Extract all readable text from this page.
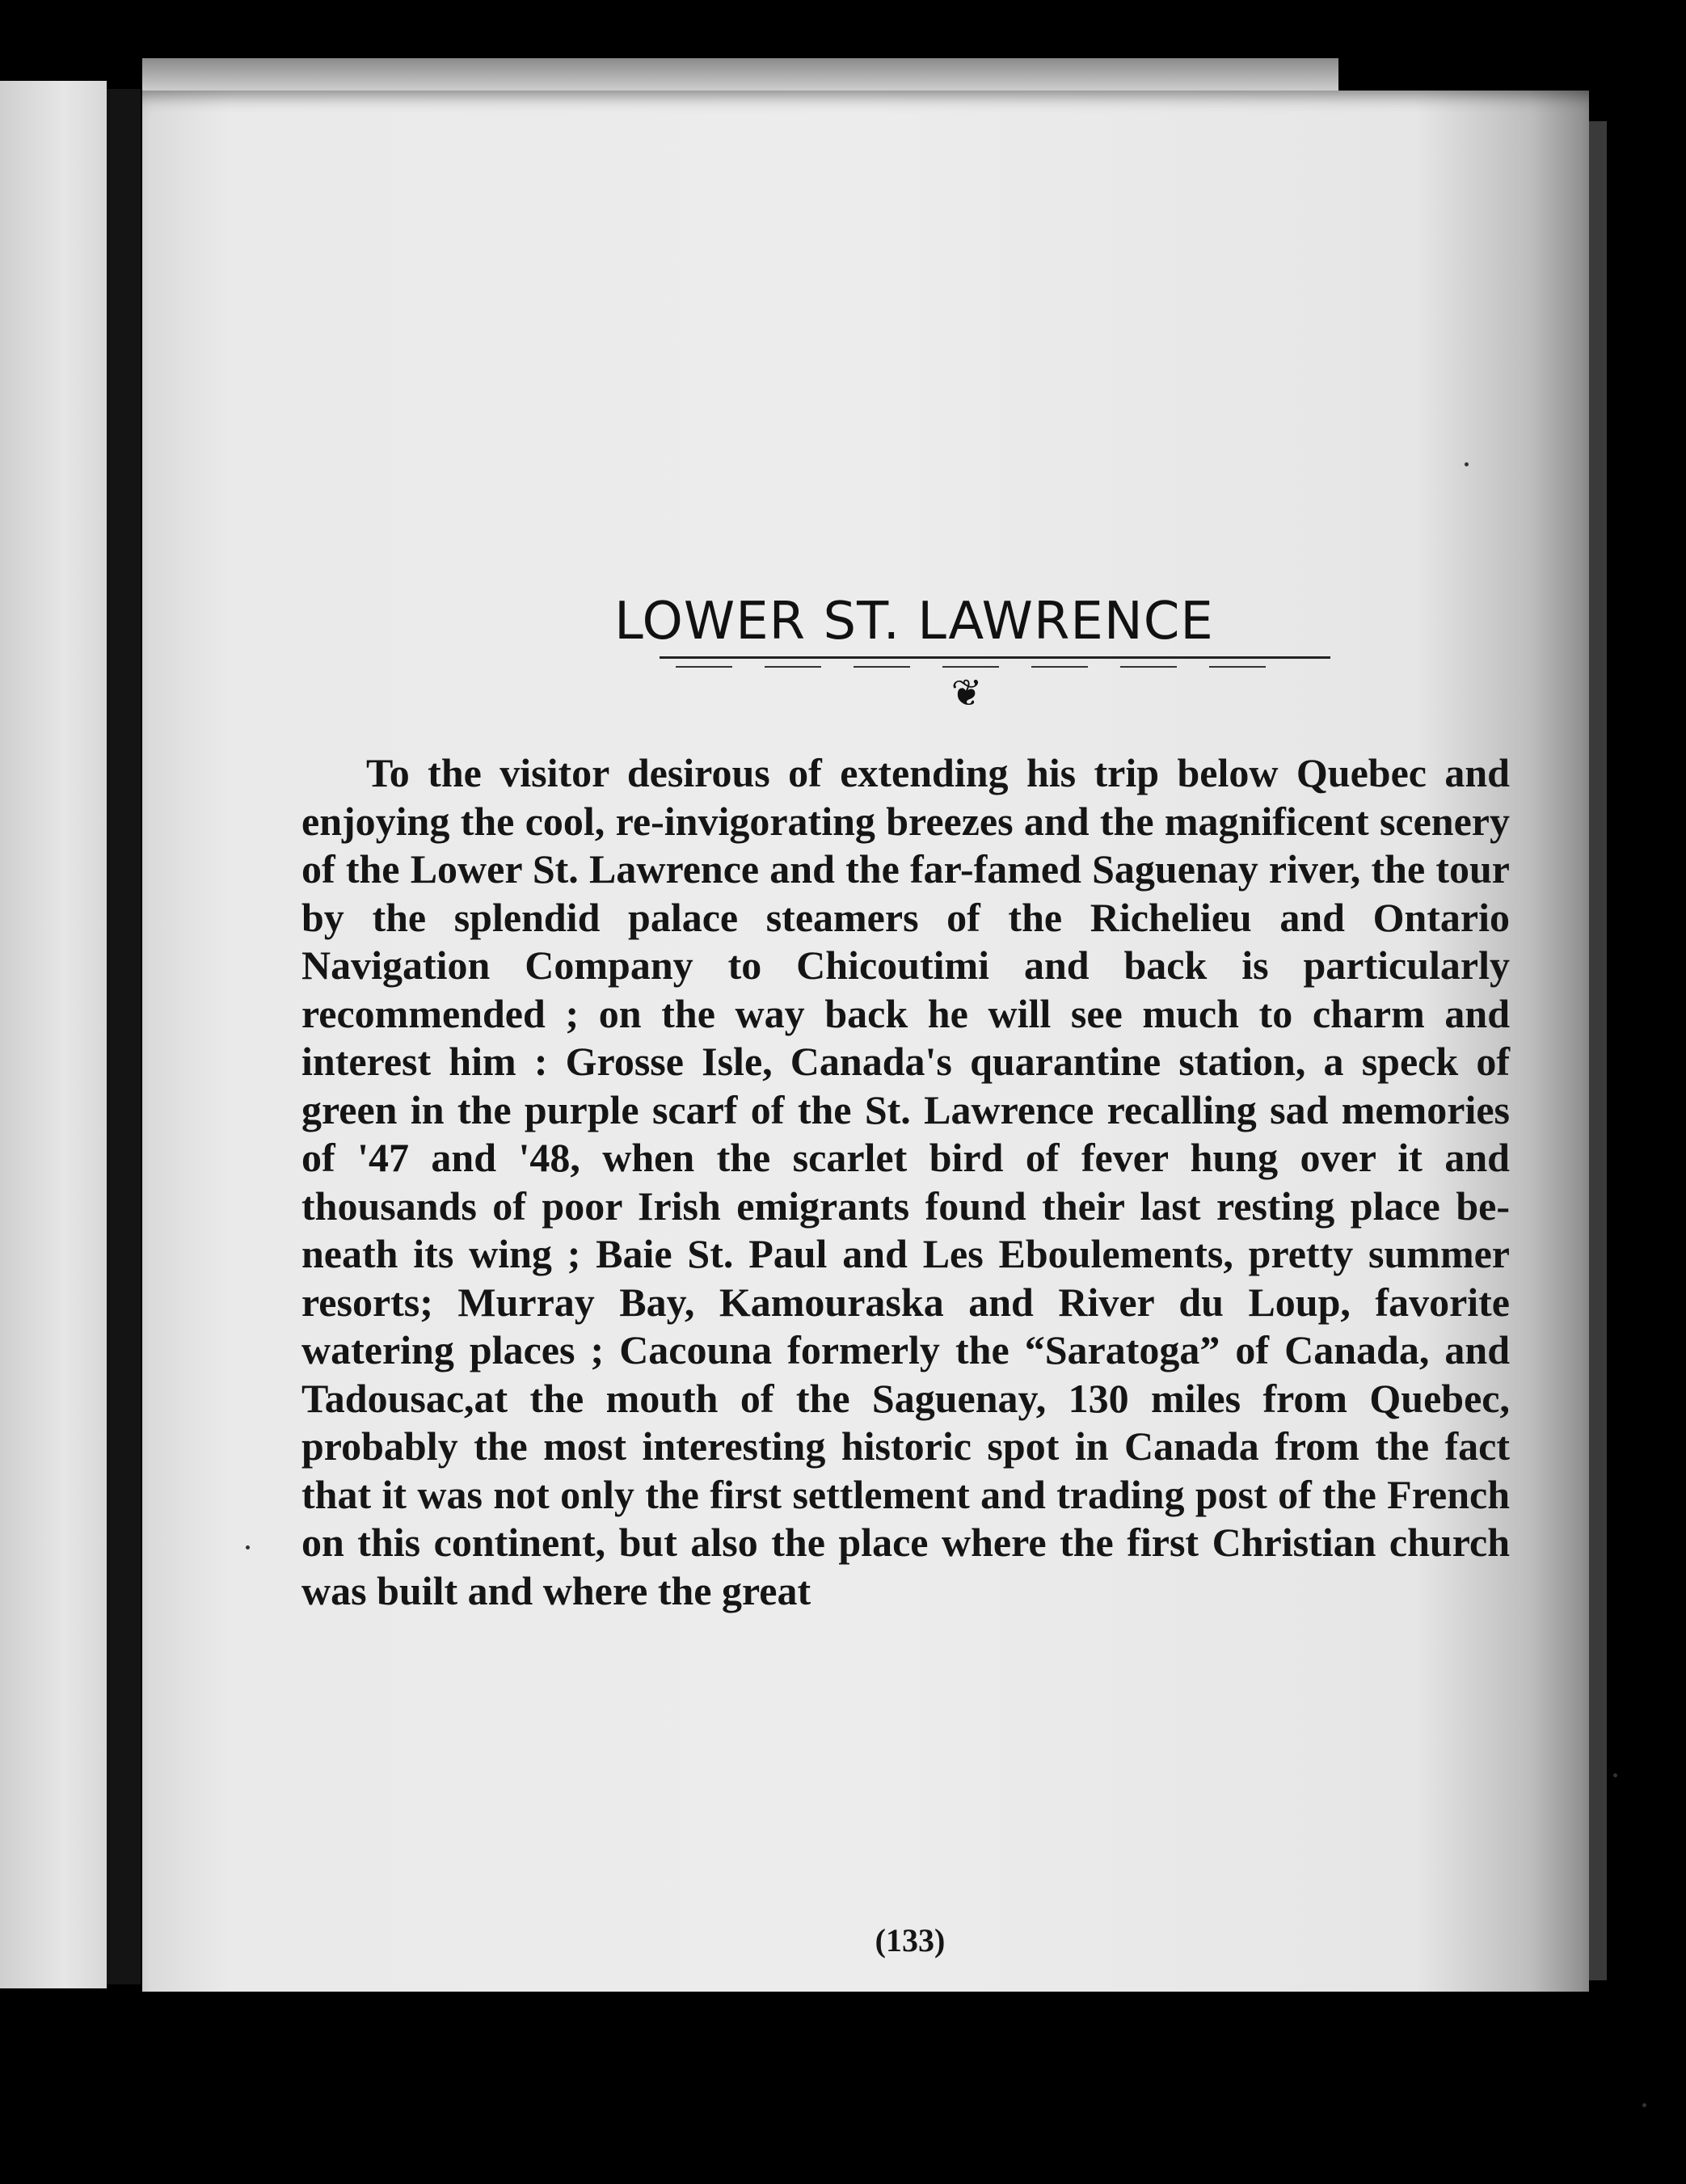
LOWER ST. LAWRENCE
❦

To the visitor desirous of extending his trip below Quebec and enjoying the cool, re-invigorating breezes and the magnificent scenery of the Lower St. Lawrence and the far-famed Saguenay river, the tour by the splendid palace steamers of the Richelieu and Ontario Navigation Company to Chicoutimi and back is particularly recommended ; on the way back he will see much to charm and interest him : Grosse Isle, Canada's quarantine station, a speck of green in the purple scarf of the St. Lawrence recalling sad memories of '47 and '48, when the scarlet bird of fever hung over it and thousands of poor Irish emigrants found their last resting place beneath its wing ; Baie St. Paul and Les Eboulements, pretty summer resorts; Murray Bay, Kamouraska and River du Loup, favorite watering places ; Cacouna formerly the “Saratoga” of Canada, and Tadousac,at the mouth of the Saguenay, 130 miles from Quebec, probably the most interesting historic spot in Canada from the fact that it was not only the first settlement and trading post of the French on this continent, but also the place where the first Christian church was built and where the great

(133)
